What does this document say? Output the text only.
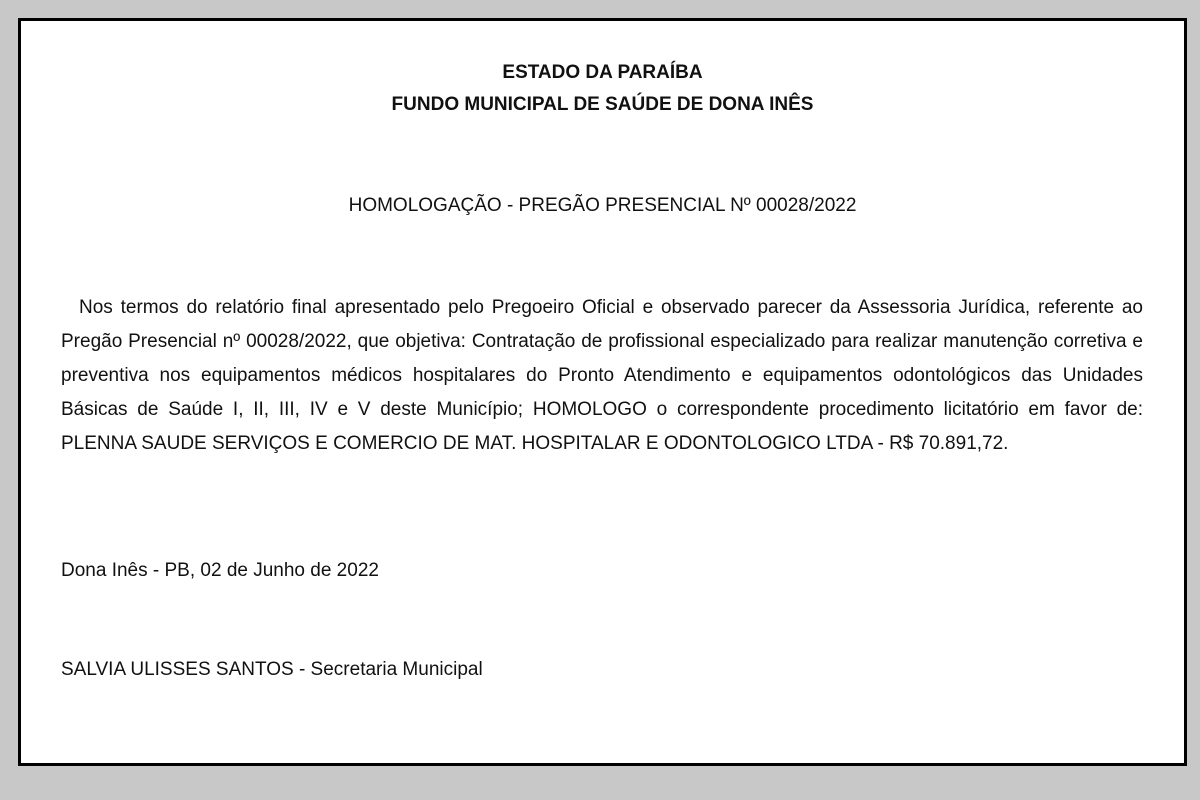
ESTADO DA PARAÍBA
FUNDO MUNICIPAL DE SAÚDE DE DONA INÊS
HOMOLOGAÇÃO - PREGÃO PRESENCIAL Nº 00028/2022
Nos termos do relatório final apresentado pelo Pregoeiro Oficial e observado parecer da Assessoria Jurídica, referente ao Pregão Presencial nº 00028/2022, que objetiva: Contratação de profissional especializado para realizar manutenção corretiva e preventiva nos equipamentos médicos hospitalares do Pronto Atendimento e equipamentos odontológicos das Unidades Básicas de Saúde I, II, III, IV e V deste Município; HOMOLOGO o correspondente procedimento licitatório em favor de: PLENNA SAUDE SERVIÇOS E COMERCIO DE MAT. HOSPITALAR E ODONTOLOGICO LTDA - R$ 70.891,72.
Dona Inês - PB, 02 de Junho de 2022
SALVIA ULISSES SANTOS - Secretaria Municipal
